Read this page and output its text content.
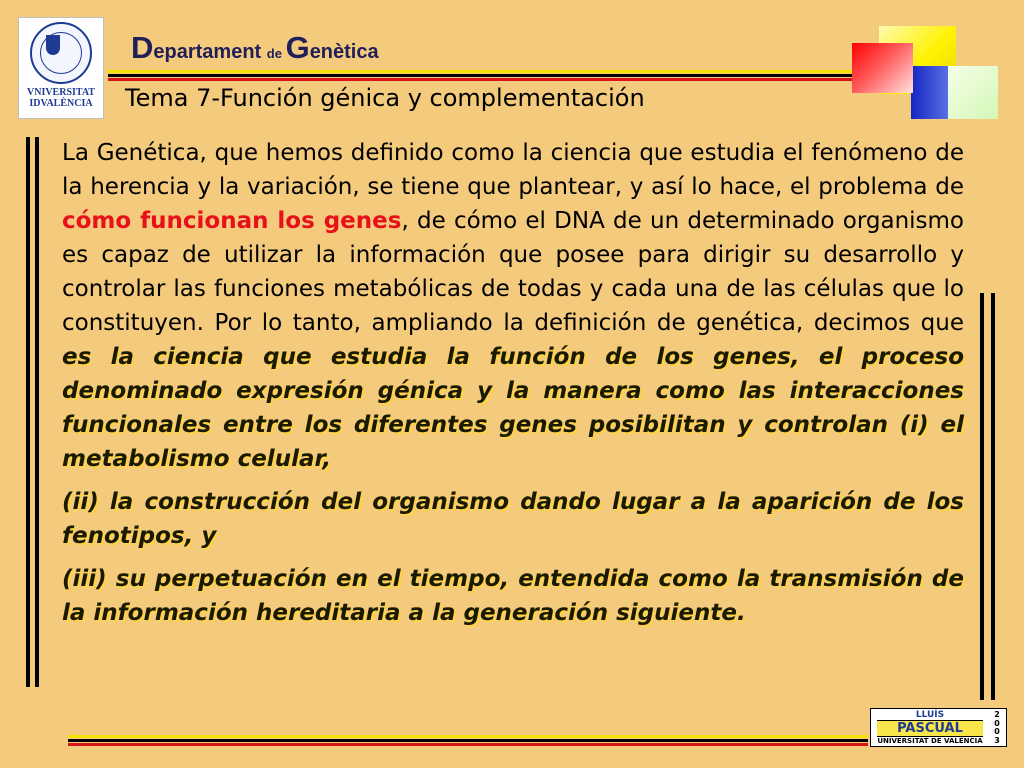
VNIVERSITAT
IDVALÈNCIA
Departament de Genètica
Tema 7-Función génica y complementación

La Genética, que hemos definido como la ciencia que estudia el fenómeno de la herencia y la variación, se tiene que plantear, y así lo hace, el problema de cómo funcionan los genes, de cómo el DNA de un determinado organismo es capaz de utilizar la información que posee para dirigir su desarrollo y controlar las funciones metabólicas de todas y cada una de las células que lo constituyen. Por lo tanto, ampliando la definición de genética, decimos que es la ciencia que estudia la función de los genes, el proceso denominado expresión génica y la manera como las interacciones funcionales entre los diferentes genes posibilitan y controlan (i) el metabolismo celular,

(ii) la construcción del organismo dando lugar a la aparición de los fenotipos, y

(iii) su perpetuación en el tiempo, entendida como la transmisión de la información hereditaria a la generación siguiente.

LLUÍS
PASCUAL
UNIVERSITAT DE VALÈNCIA
2
0
0
3
